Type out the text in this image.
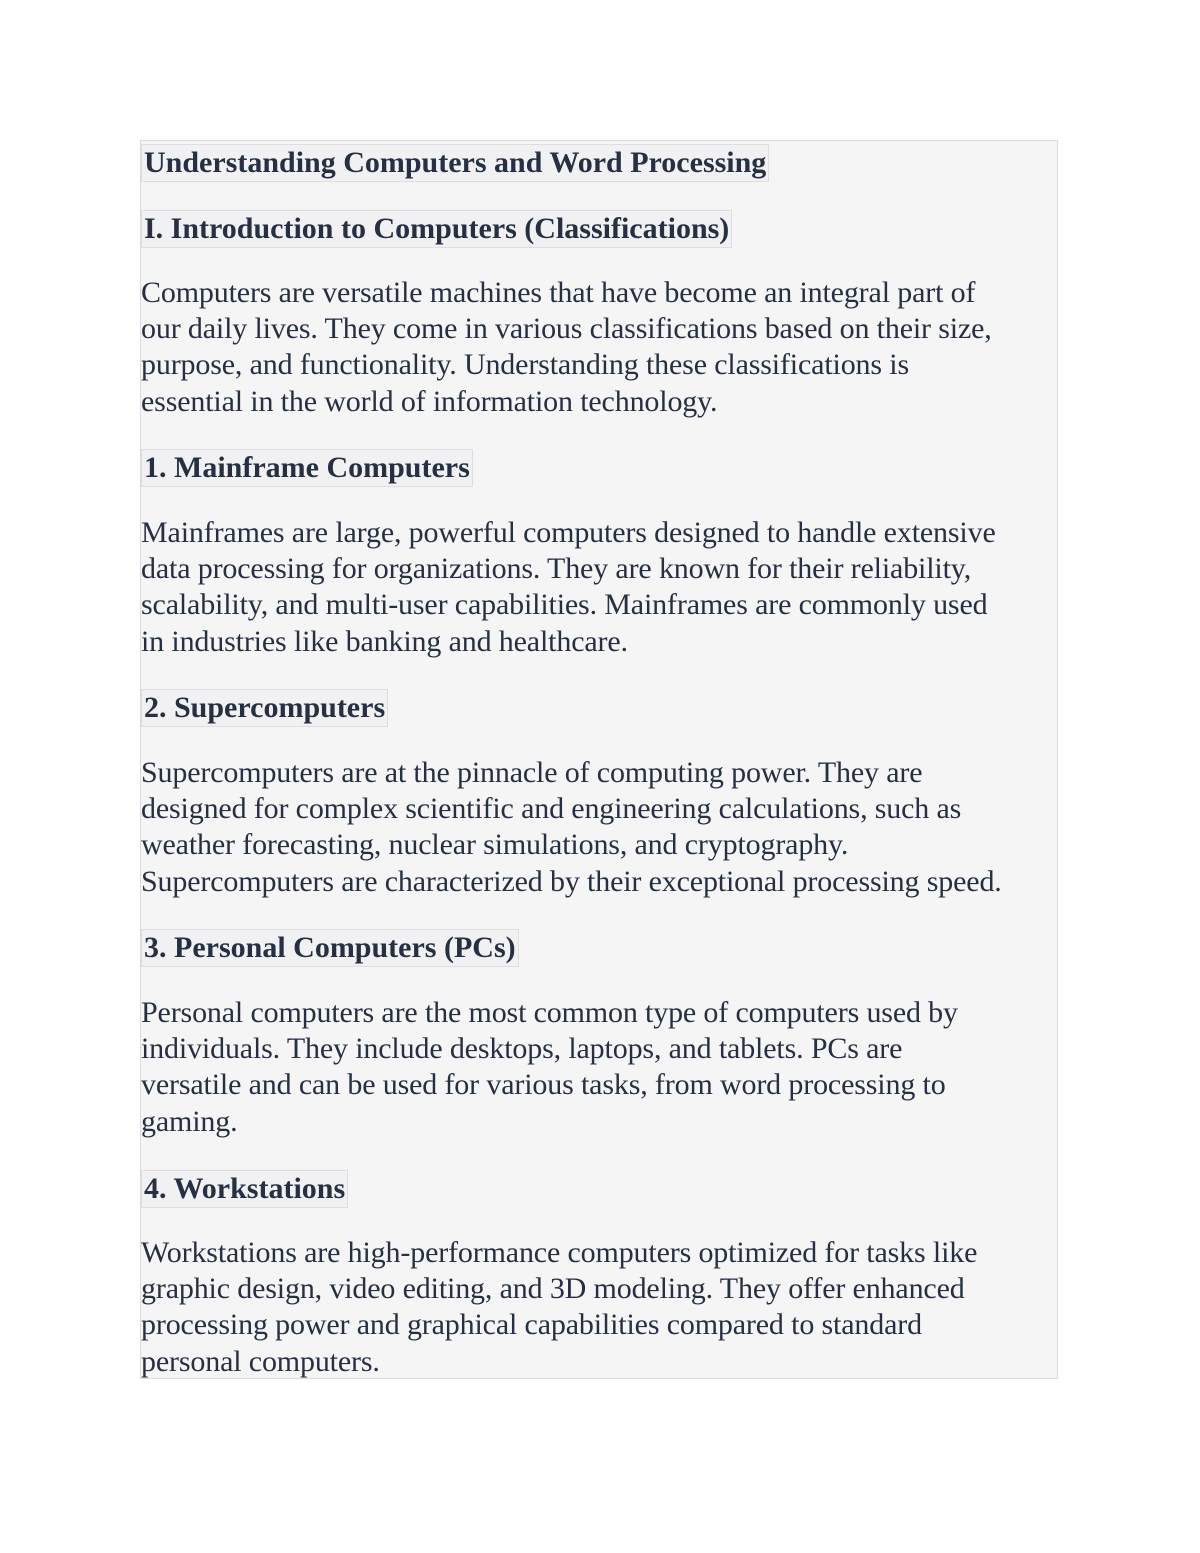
Understanding Computers and Word Processing
I. Introduction to Computers (Classifications)

Computers are versatile machines that have become an integral part of
our daily lives. They come in various classifications based on their size,
purpose, and functionality. Understanding these classifications is
essential in the world of information technology.

1. Mainframe Computers

Mainframes are large, powerful computers designed to handle extensive
data processing for organizations. They are known for their reliability,
scalability, and multi-user capabilities. Mainframes are commonly used
in industries like banking and healthcare.

2. Supercomputers

Supercomputers are at the pinnacle of computing power. They are
designed for complex scientific and engineering calculations, such as
weather forecasting, nuclear simulations, and cryptography.
Supercomputers are characterized by their exceptional processing speed.

3. Personal Computers (PCs)

Personal computers are the most common type of computers used by
individuals. They include desktops, laptops, and tablets. PCs are
versatile and can be used for various tasks, from word processing to
gaming.

4. Workstations

Workstations are high-performance computers optimized for tasks like
graphic design, video editing, and 3D modeling. They offer enhanced
processing power and graphical capabilities compared to standard
personal computers.
